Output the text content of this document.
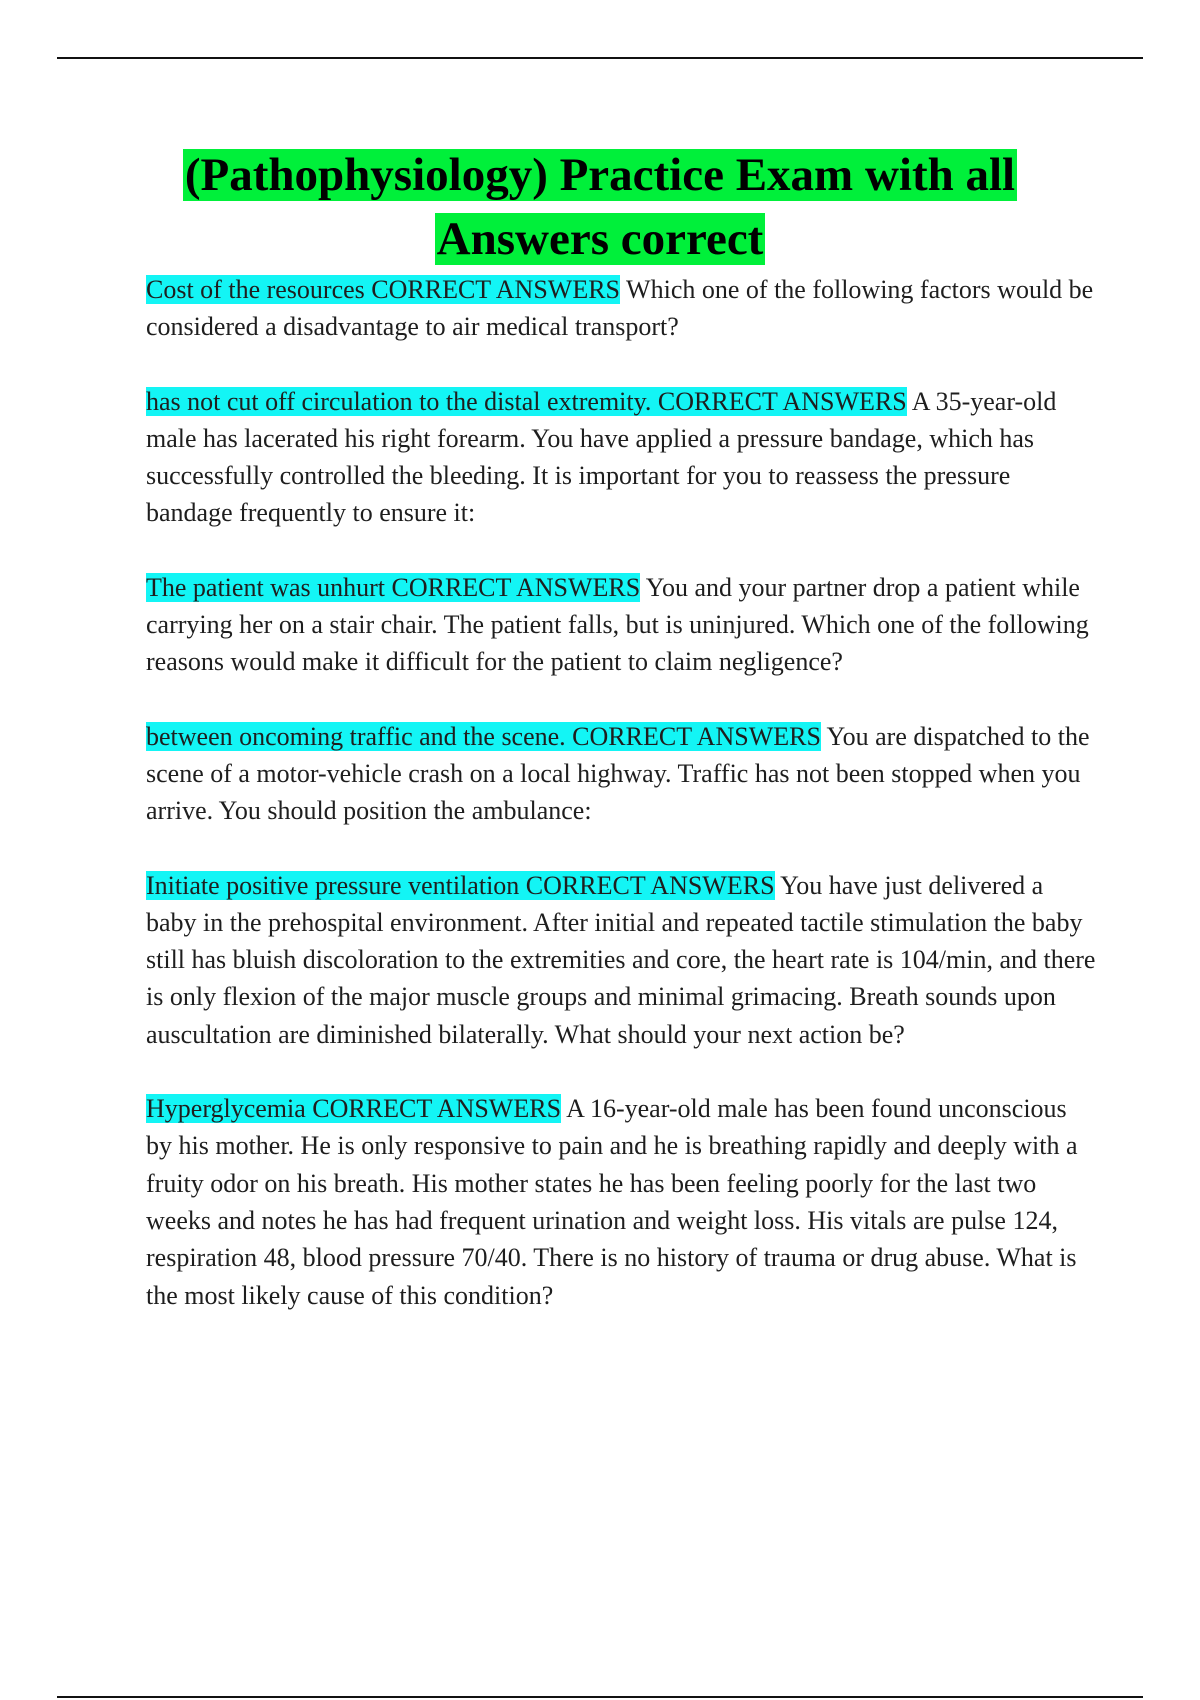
(Pathophysiology) Practice Exam with all
Answers correct

Cost of the resources CORRECT ANSWERS Which one of the following factors would be considered a disadvantage to air medical transport?

has not cut off circulation to the distal extremity. CORRECT ANSWERS A 35-year-old male has lacerated his right forearm. You have applied a pressure bandage, which has successfully controlled the bleeding. It is important for you to reassess the pressure bandage frequently to ensure it:

The patient was unhurt CORRECT ANSWERS You and your partner drop a patient while carrying her on a stair chair. The patient falls, but is uninjured. Which one of the following reasons would make it difficult for the patient to claim negligence?

between oncoming traffic and the scene. CORRECT ANSWERS You are dispatched to the scene of a motor-vehicle crash on a local highway. Traffic has not been stopped when you arrive. You should position the ambulance:

Initiate positive pressure ventilation CORRECT ANSWERS You have just delivered a baby in the prehospital environment. After initial and repeated tactile stimulation the baby still has bluish discoloration to the extremities and core, the heart rate is 104/min, and there is only flexion of the major muscle groups and minimal grimacing. Breath sounds upon auscultation are diminished bilaterally. What should your next action be?

Hyperglycemia CORRECT ANSWERS A 16-year-old male has been found unconscious by his mother. He is only responsive to pain and he is breathing rapidly and deeply with a fruity odor on his breath. His mother states he has been feeling poorly for the last two weeks and notes he has had frequent urination and weight loss. His vitals are pulse 124, respiration 48, blood pressure 70/40. There is no history of trauma or drug abuse. What is the most likely cause of this condition?
